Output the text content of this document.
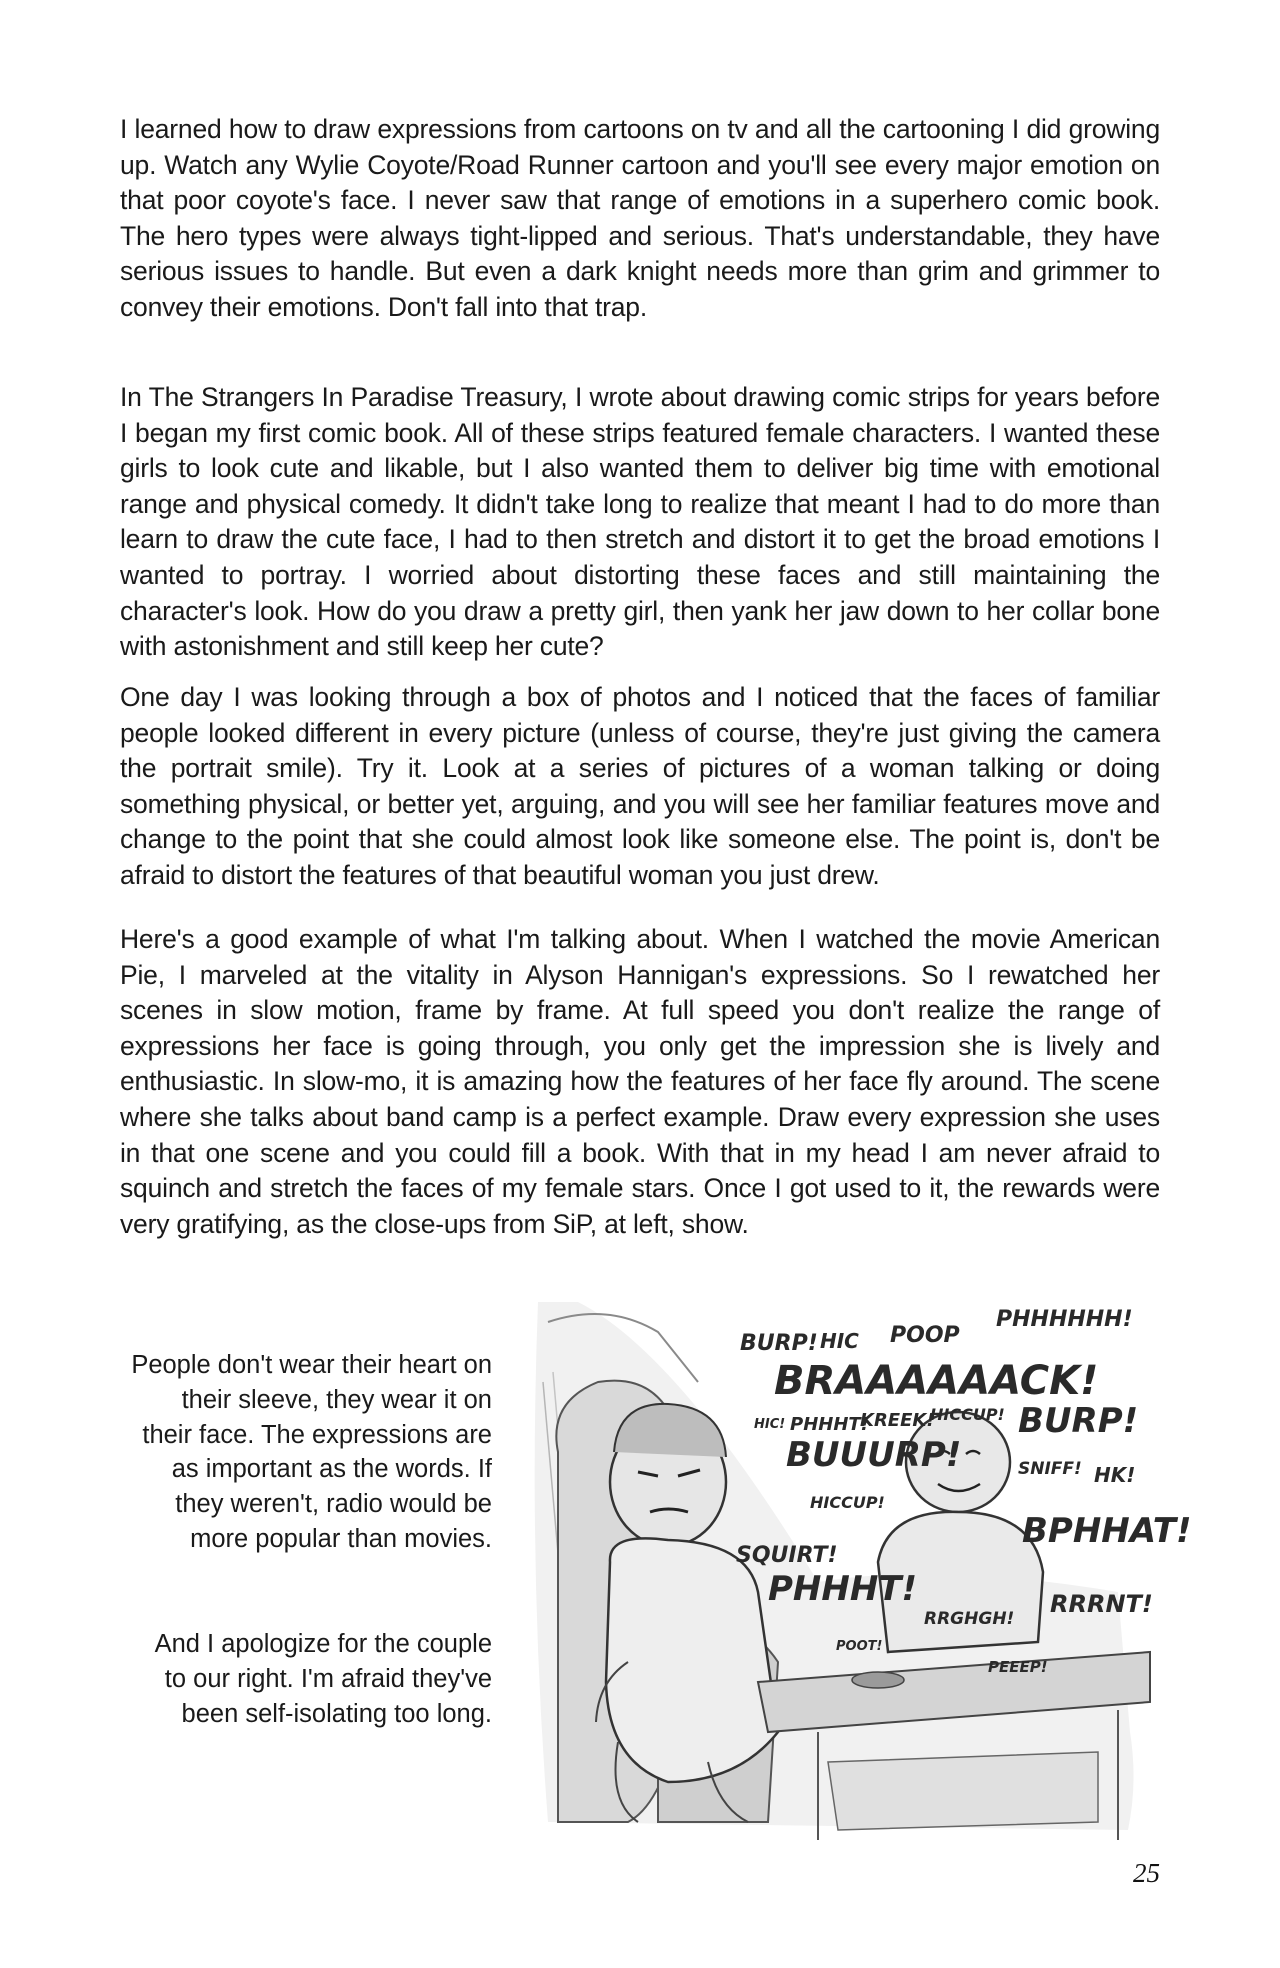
I learned how to draw expressions from cartoons on tv and all the cartooning I did growing up. Watch any Wylie Coyote/Road Runner cartoon and you'll see every major emotion on that poor coyote's face. I never saw that range of emotions in a superhero comic book. The hero types were always tight-lipped and serious. That's understandable, they have serious issues to handle. But even a dark knight needs more than grim and grimmer to convey their emotions. Don't fall into that trap.

In The Strangers In Paradise Treasury, I wrote about drawing comic strips for years before I began my first comic book. All of these strips featured female characters. I wanted these girls to look cute and likable, but I also wanted them to deliver big time with emotional range and physical comedy. It didn't take long to realize that meant I had to do more than learn to draw the cute face, I had to then stretch and distort it to get the broad emotions I wanted to portray. I worried about distorting these faces and still maintaining the character's look. How do you draw a pretty girl, then yank her jaw down to her collar bone with astonishment and still keep her cute?

One day I was looking through a box of photos and I noticed that the faces of familiar people looked different in every picture (unless of course, they're just giving the camera the portrait smile). Try it. Look at a series of pictures of a woman talking or doing something physical, or better yet, arguing, and you will see her familiar features move and change to the point that she could almost look like someone else. The point is, don't be afraid to distort the features of that beautiful woman you just drew.

Here's a good example of what I'm talking about. When I watched the movie American Pie, I marveled at the vitality in Alyson Hannigan's expressions. So I rewatched her scenes in slow motion, frame by frame. At full speed you don't realize the range of expressions her face is going through, you only get the impression she is lively and enthusiastic. In slow-mo, it is amazing how the features of her face fly around. The scene where she talks about band camp is a perfect example. Draw every expression she uses in that one scene and you could fill a book. With that in my head I am never afraid to squinch and stretch the faces of my female stars. Once I got used to it, the rewards were very gratifying, as the close-ups from SiP, at left, show.

People don't wear their heart on their sleeve, they wear it on their face. The expressions are as important as the words. If they weren't, radio would be more popular than movies.

And I apologize for the couple to our right. I'm afraid they've been self-isolating too long.

BURP! HIC POOP
PHHHHHH!
BRAAAAAACK!
HIC! PHHHT!
KREEK!
HICCUP! BURP!
BUUURP!	SNIFF! HK!
HICCUP!
BPHHAT!
SQUIRT!
PHHHT!
RRGHGH!
RRRNT!
POOT!
PEEEP!
25
